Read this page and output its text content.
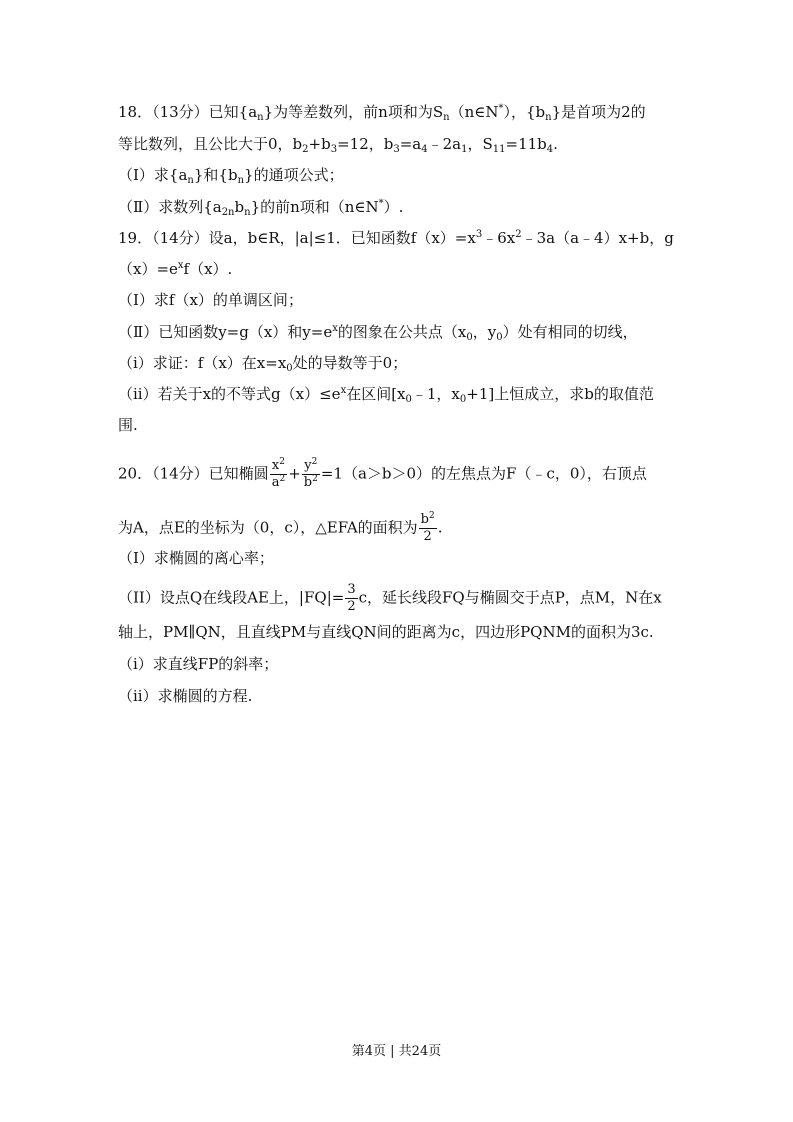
18．（13分）已知$\{a_n\}$为等差数列，前n项和为$S_n(n\in N^*)$，$\{b_n\}$是首项为2的
等比数列，且公比大于0，$b_2+b_3=12$，$b_3=a_4﹣2a_1$，$S_{11}=11b_4$.
（Ⅰ）求$\{a_n\}$和$\{b_n\}$的通项公式；
（Ⅱ）求数列$\{a_{2n}b_n\}$的前n项和（n∈N*）.
19．（14分）设a，b∈R，|a|≤1．已知函数$f(x)=x^3﹣6x^2﹣3a(a﹣4)x+b$，g
$(x)=e^xf(x)$.
（Ⅰ）求f（x）的单调区间；
（Ⅱ）已知函数y=g（x）和$y=e^x$的图象在公共点（$x_0$，$y_0$）处有相同的切线，
（i）求证：f（x）在$x=x_0$处的导数等于0；
（ii）若关于x的不等式$g(x)\le e^x$在区间[$x_0﹣1$，$x_0+1$]上恒成立，求b的取值范
围.
20．（14分）已知椭圆 $\frac{x^2}{a^2} + \frac{y^2}{b^2} =1(a>b>0)$的左焦点为F（﹣c，0），右顶点
为A，点E的坐标为（0，c），△EFA的面积为 $\frac{b^2}{2}$ .
（I）求椭圆的离心率；
（II）设点Q在线段AE上，$|FQ|= \frac{3}{2}$ c，延长线段FQ与椭圆交于点P，点M，N在x
轴上，PM∥QN，且直线PM与直线QN间的距离为c，四边形PQNM的面积为3c.
（i）求直线FP的斜率；
（ii）求椭圆的方程.
第4页 | 共24页
